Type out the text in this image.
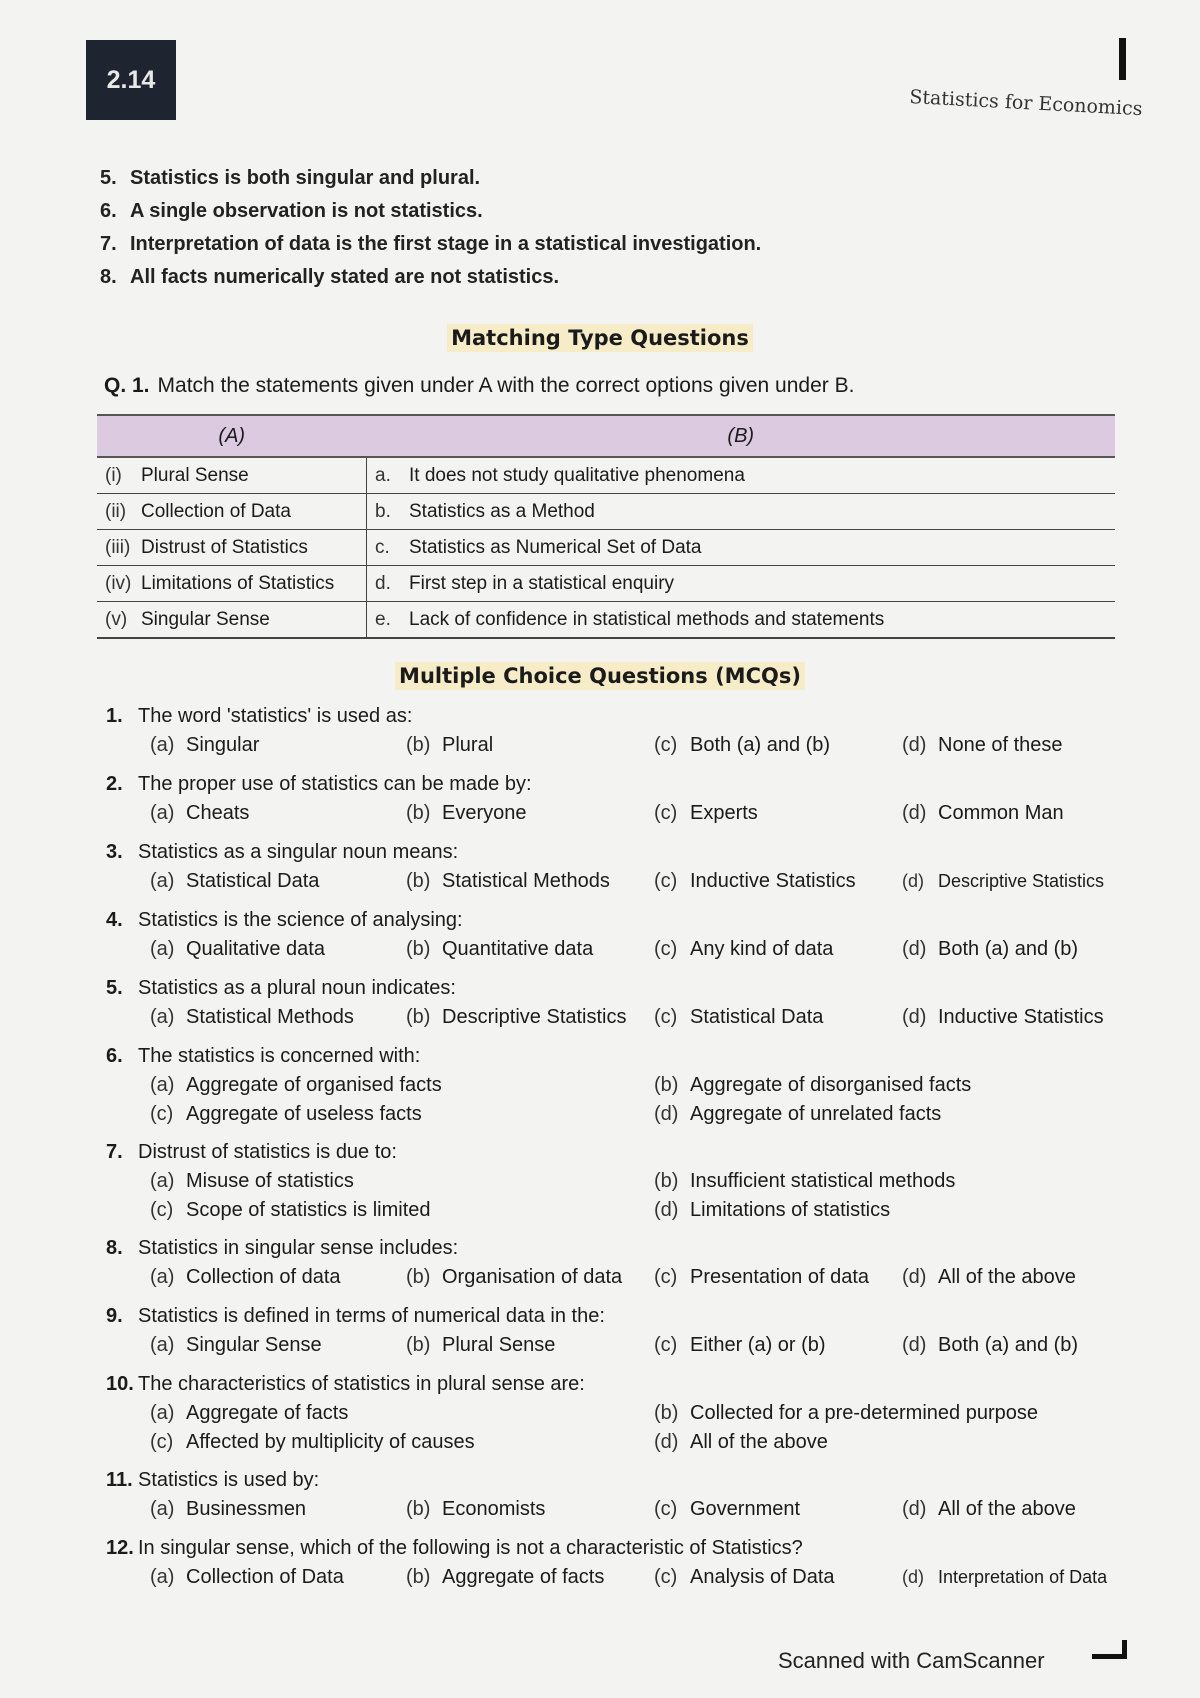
2.14
Statistics for Economics
5. Statistics is both singular and plural.
6. A single observation is not statistics.
7. Interpretation of data is the first stage in a statistical investigation.
8. All facts numerically stated are not statistics.
Matching Type Questions
Q. 1. Match the statements given under A with the correct options given under B.
(A)	(B)
(i) Plural Sense	a. It does not study qualitative phenomena
(ii) Collection of Data	b. Statistics as a Method
(iii) Distrust of Statistics	c. Statistics as Numerical Set of Data
(iv) Limitations of Statistics	d. First step in a statistical enquiry
(v) Singular Sense	e. Lack of confidence in statistical methods and statements
Multiple Choice Questions (MCQs)
1. The word 'statistics' is used as:
(a) Singular	(b) Plural	(c) Both (a) and (b)	(d) None of these
2. The proper use of statistics can be made by:
(a) Cheats	(b) Everyone	(c) Experts	(d) Common Man
3. Statistics as a singular noun means:
(a) Statistical Data	(b) Statistical Methods (c) Inductive Statistics	(d) Descriptive Statistics
4. Statistics is the science of analysing:
(a) Qualitative data	(b) Quantitative data	(c) Any kind of data	(d) Both (a) and (b)
5. Statistics as a plural noun indicates:
(a) Statistical Methods	(b) Descriptive Statistics (c) Statistical Data	(d) Inductive Statistics
6. The statistics is concerned with:
(a) Aggregate of organised facts	(b) Aggregate of disorganised facts
(c) Aggregate of useless facts	(d) Aggregate of unrelated facts
7. Distrust of statistics is due to:
(a) Misuse of statistics	(b) Insufficient statistical methods
(c) Scope of statistics is limited	(d) Limitations of statistics
8. Statistics in singular sense includes:
(a) Collection of data	(b) Organisation of data (c) Presentation of data (d) All of the above
9. Statistics is defined in terms of numerical data in the:
(a) Singular Sense	(b) Plural Sense	(c) Either (a) or (b)	(d) Both (a) and (b)
10. The characteristics of statistics in plural sense are:
(a) Aggregate of facts	(b) Collected for a pre-determined purpose
(c) Affected by multiplicity of causes	(d) All of the above
11. Statistics is used by:
(a) Businessmen	(b) Economists	(c) Government	(d) All of the above
12. In singular sense, which of the following is not a characteristic of Statistics?
(a) Collection of Data	(b) Aggregate of facts (c) Analysis of Data	(d) Interpretation of Data
Scanned with CamScanner
